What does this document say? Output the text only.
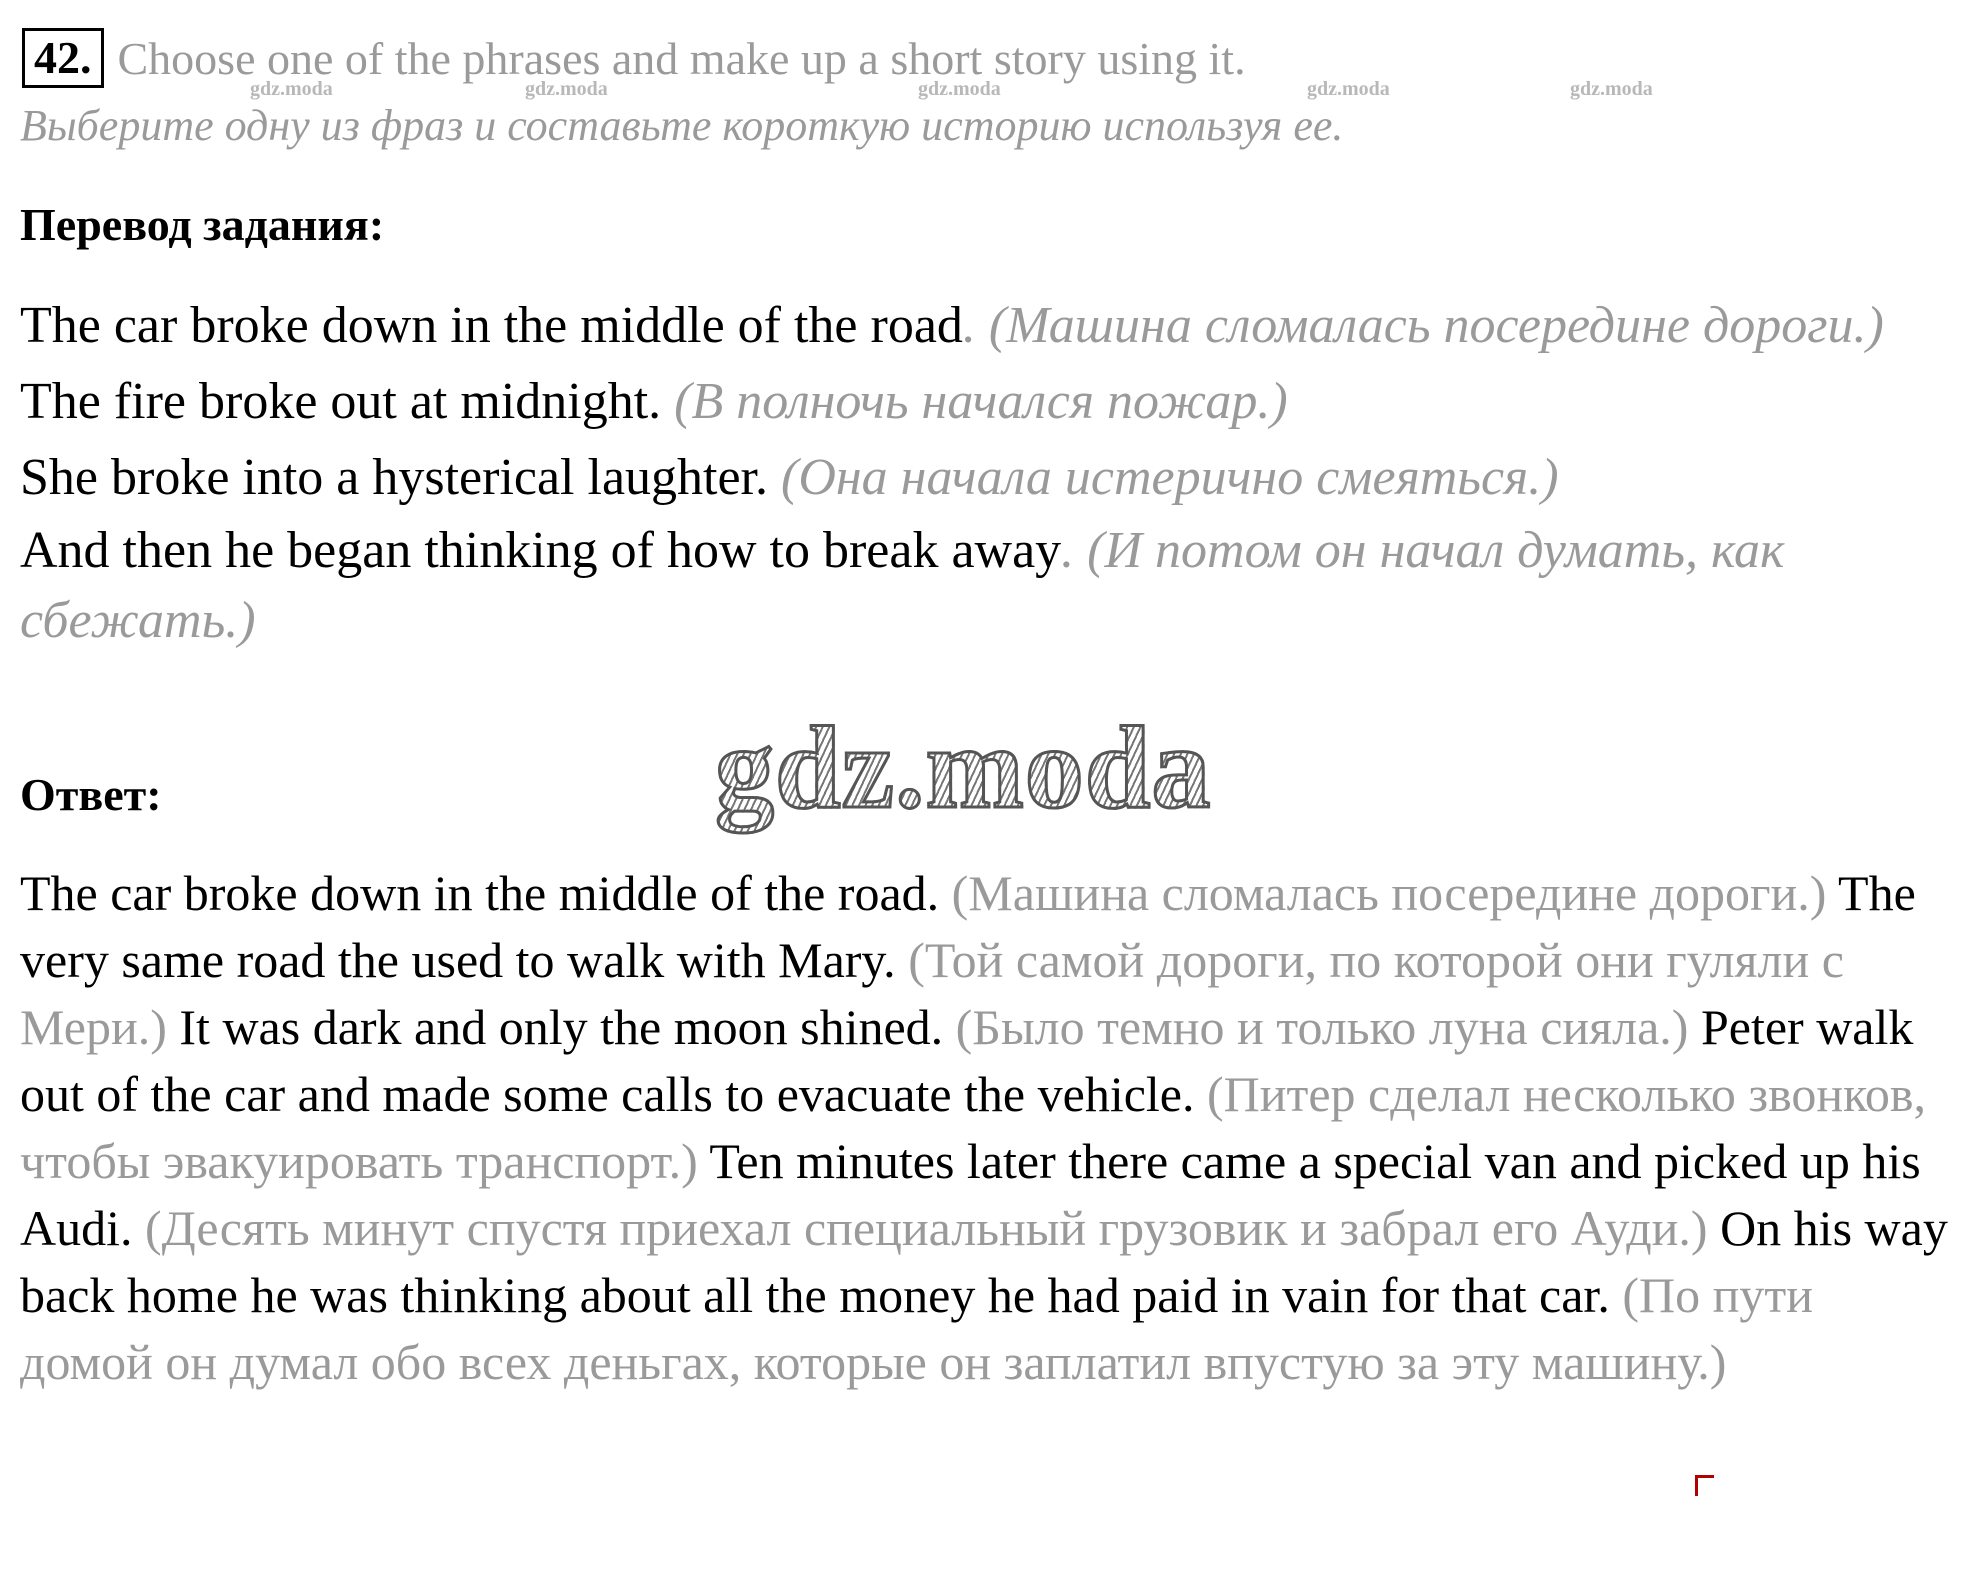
42. Choose one of the phrases and make up a short story using it.
gdz.moda	gdz.moda	gdz.moda	gdz.moda	gdz.moda
Выберите одну из фраз и составьте короткую историю используя ее.
Перевод задания:

The car broke down in the middle of the road. (Машина сломалась посередине дороги.)

The fire broke out at midnight. (В полночь начался пожар.)

She broke into a hysterical laughter. (Она начала истерично смеяться.)

And then he began thinking of how to break away. (И потом он начал думать, как сбежать.)

gdz.moda
Ответ:

The car broke down in the middle of the road. (Машина сломалась посередине дороги.) The very same road the used to walk with Mary. (Той самой дороги, по которой они гуляли с Мери.) It was dark and only the moon shined. (Было темно и только луна сияла.) Peter walk out of the car and made some calls to evacuate the vehicle. (Питер сделал несколько звонков, чтобы эвакуировать транспорт.) Ten minutes later there came a special van and picked up his Audi. (Десять минут спустя приехал специальный грузовик и забрал его Ауди.) On his way back home he was thinking about all the money he had paid in vain for that car. (По пути домой он думал обо всех деньгах, которые он заплатил впустую за эту машину.)
